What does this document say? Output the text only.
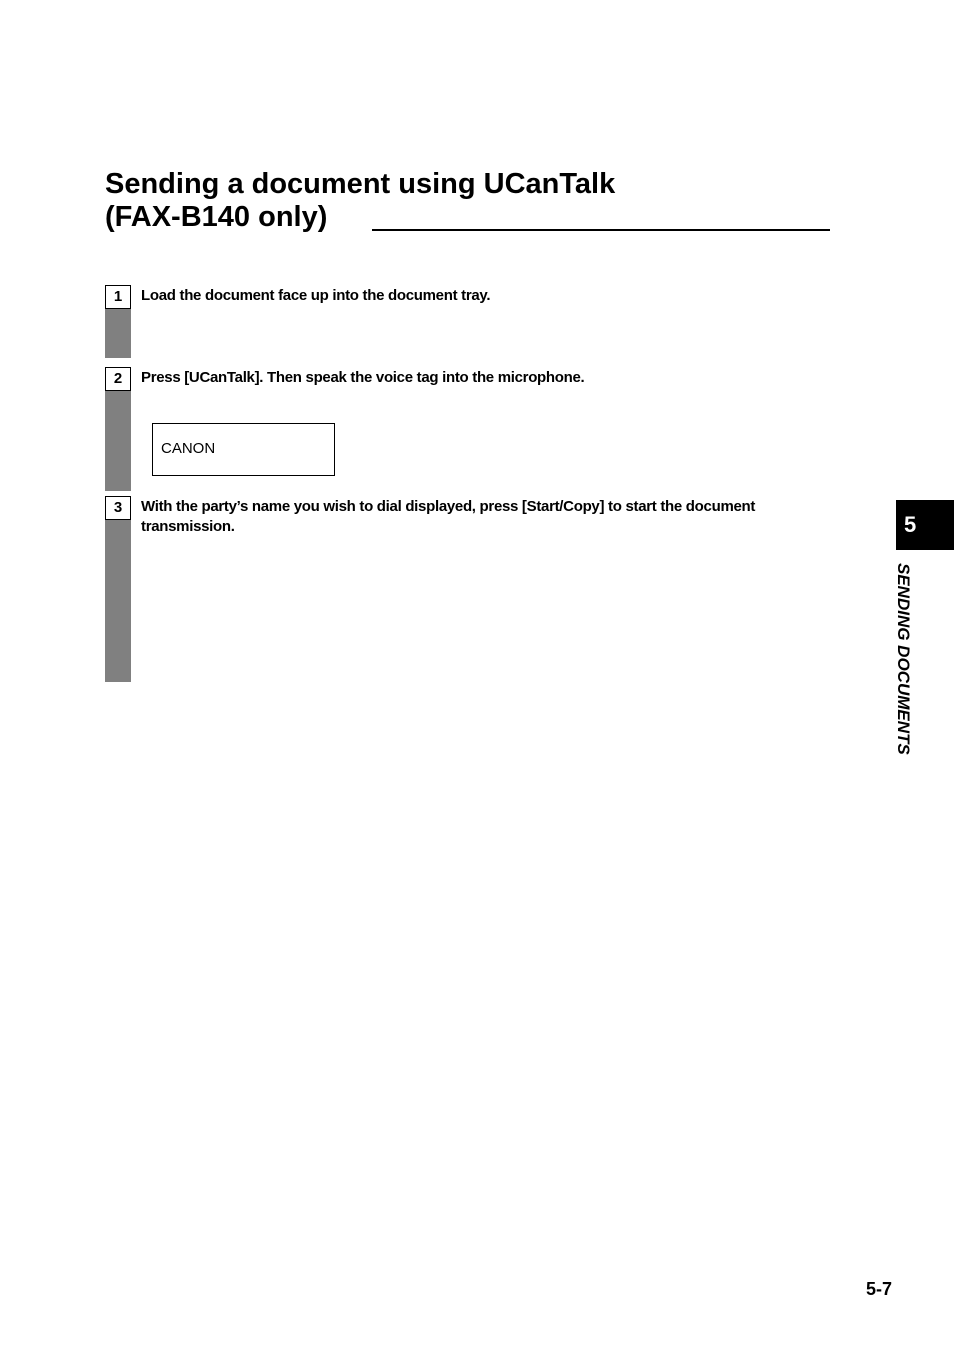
Sending a document using UCanTalk
(FAX-B140 only)
1	Load the document face up into the document tray.
2	Press [UCanTalk]. Then speak the voice tag into the microphone.
CANON
3	With the party’s name you wish to dial displayed, press [Start/Copy] to start the document transmission.	5
SENDING DOCUMENTS
5-7
